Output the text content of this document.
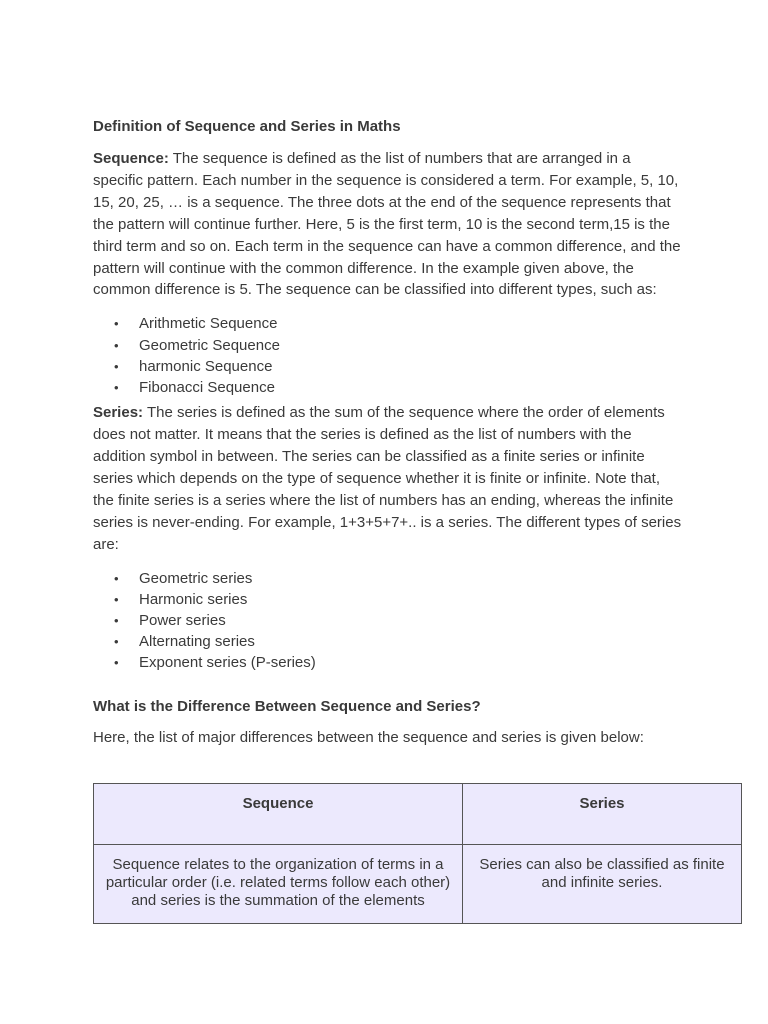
Definition of Sequence and Series in Maths

Sequence: The sequence is defined as the list of numbers that are arranged in a specific pattern. Each number in the sequence is considered a term. For example, 5, 10, 15, 20, 25, … is a sequence. The three dots at the end of the sequence represents that the pattern will continue further. Here, 5 is the first term, 10 is the second term,15 is the third term and so on. Each term in the sequence can have a common difference, and the pattern will continue with the common difference. In the example given above, the common difference is 5. The sequence can be classified into different types, such as:

• Arithmetic Sequence
• Geometric Sequence
• harmonic Sequence
• Fibonacci Sequence

Series: The series is defined as the sum of the sequence where the order of elements does not matter. It means that the series is defined as the list of numbers with the addition symbol in between. The series can be classified as a finite series or infinite series which depends on the type of sequence whether it is finite or infinite. Note that, the finite series is a series where the list of numbers has an ending, whereas the infinite series is never-ending. For example, 1+3+5+7+.. is a series. The different types of series are:

• Geometric series
• Harmonic series
• Power series
• Alternating series
• Exponent series (P-series)

What is the Difference Between Sequence and Series?

Here, the list of major differences between the sequence and series is given below:

Sequence	Series
Sequence relates to the organization of terms in a particular order (i.e. related terms follow each other) and series is the summation of the elements	Series can also be classified as finite and infinite series.
